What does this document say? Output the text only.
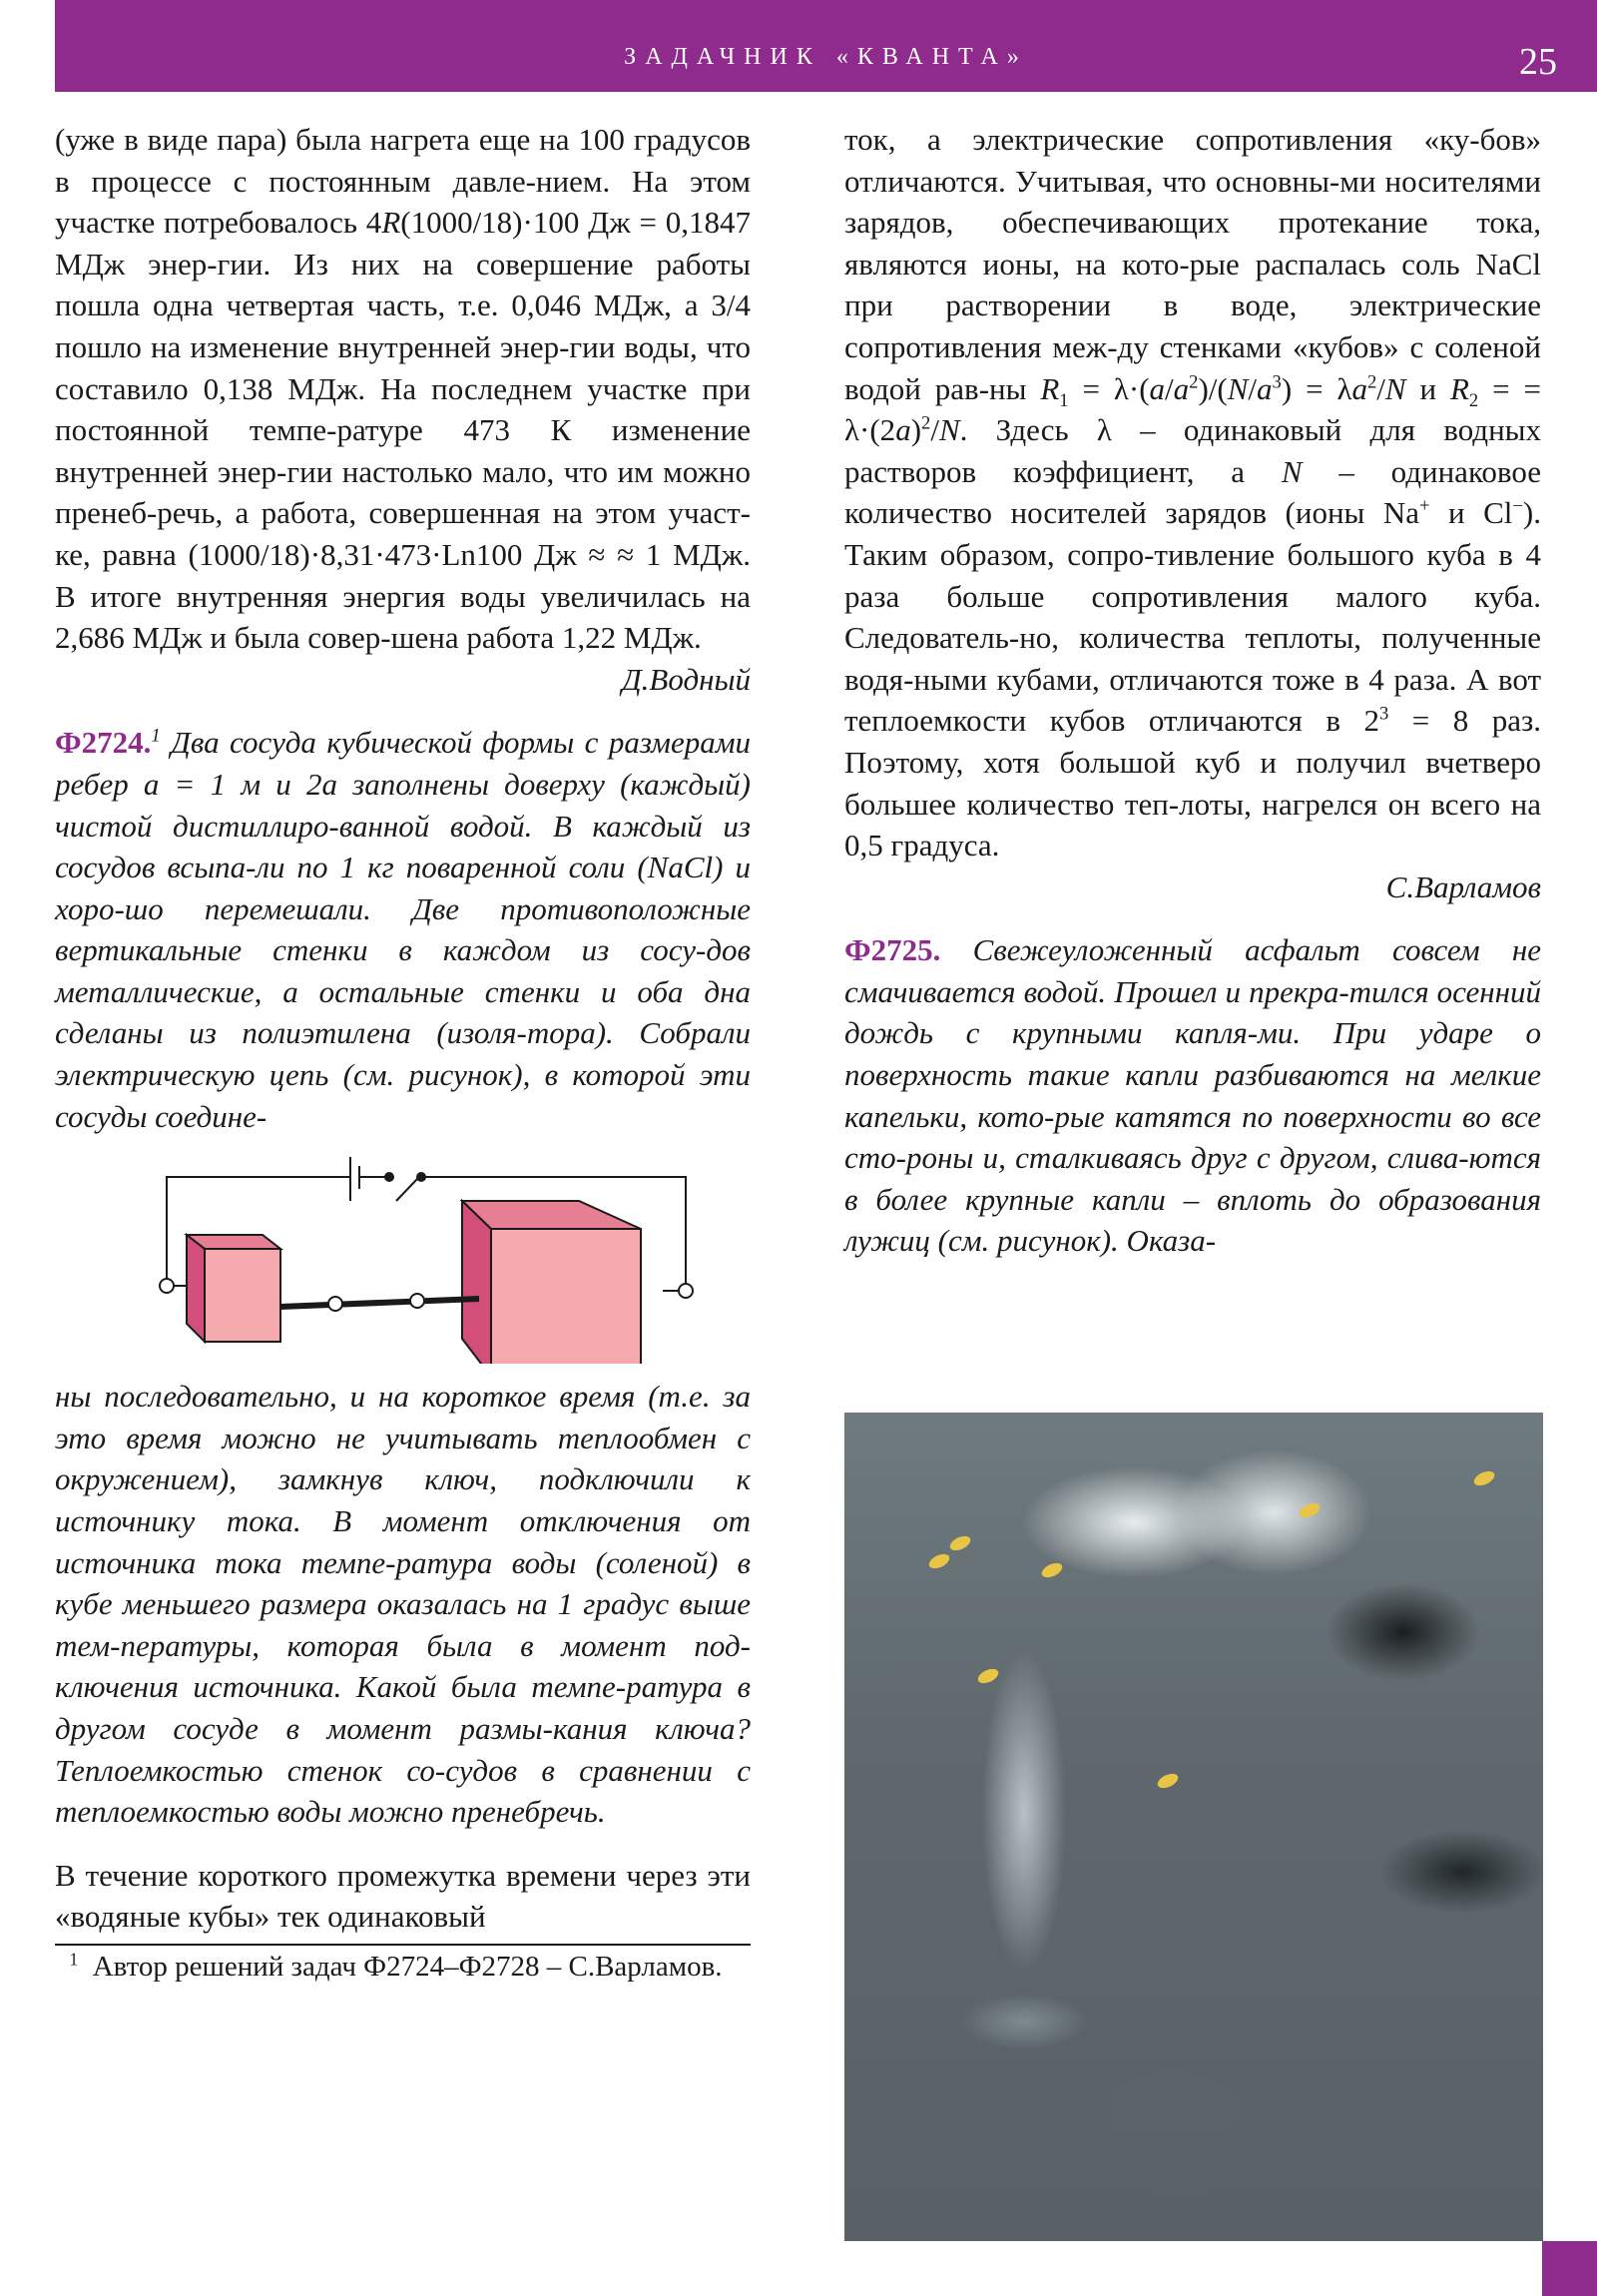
ЗАДАЧНИК «КВАНТА»	25

(уже в виде пара) была нагрета еще на 100 градусов в процессе с постоянным давле-нием. На этом участке потребовалось 4R(1000/18)·100 Дж = 0,1847 МДж энер-гии. Из них на совершение работы пошла одна четвертая часть, т.е. 0,046 МДж, а 3/4 пошло на изменение внутренней энер-гии воды, что составило 0,138 МДж. На последнем участке при постоянной темпе-ратуре 473 К изменение внутренней энер-гии настолько мало, что им можно пренеб-речь, а работа, совершенная на этом участ-ке, равна (1000/18)·8,31·473·Ln100 Дж ≈ ≈ 1 МДж. В итоге внутренняя энергия воды увеличилась на 2,686 МДж и была совер-шена работа 1,22 МДж.

Д.Водный

Ф2724.$^1$ Два сосуда кубической формы с размерами ребер a = 1 м и 2a заполнены доверху (каждый) чистой дистиллиро-ванной водой. В каждый из сосудов всыпа-ли по 1 кг поваренной соли (NaCl) и хоро-шо перемешали. Две противоположные вертикальные стенки в каждом из сосу-дов металлические, а остальные стенки и оба дна сделаны из полиэтилена (изоля-тора). Собрали электрическую цепь (см. рисунок), в которой эти сосуды соедине-

ны последовательно, и на короткое время (т.е. за это время можно не учитывать теплообмен с окружением), замкнув ключ, подключили к источнику тока. В момент отключения от источника тока темпе-ратура воды (соленой) в кубе меньшего размера оказалась на 1 градус выше тем-пературы, которая была в момент под-ключения источника. Какой была темпе-ратура в другом сосуде в момент размы-кания ключа? Теплоемкостью стенок со-судов в сравнении с теплоемкостью воды можно пренебречь.

В течение короткого промежутка времени через эти «водяные кубы» тек одинаковый

$^1$ Автор решений задач Ф2724–Ф2728 – С.Варламов.

ток, а электрические сопротивления «ку-бов» отличаются. Учитывая, что основны-ми носителями зарядов, обеспечивающих протекание тока, являются ионы, на кото-рые распалась соль NaCl при растворении в воде, электрические сопротивления меж-ду стенками «кубов» с соленой водой рав-ны $R_1 = \lambda\cdot(a/a^2)/(N/a^3) = \lambda a^2/N$ и $R_2$ = = $\lambda\cdot(2a)^2/N$. Здесь λ – одинаковый для водных растворов коэффициент, а N – одинаковое количество носителей зарядов (ионы Na+ и Cl−). Таким образом, сопро-тивление большого куба в 4 раза больше сопротивления малого куба. Следователь-но, количества теплоты, полученные водя-ными кубами, отличаются тоже в 4 раза. А вот теплоемкости кубов отличаются в $2^3 = 8$ раз. Поэтому, хотя большой куб и получил вчетверо большее количество теп-лоты, нагрелся он всего на 0,5 градуса.

С.Варламов

Ф2725. Свежеуложенный асфальт совсем не смачивается водой. Прошел и прекра-тился осенний дождь с крупными капля-ми. При ударе о поверхность такие капли разбиваются на мелкие капельки, кото-рые катятся по поверхности во все сто-роны и, сталкиваясь друг с другом, слива-ются в более крупные капли – вплоть до образования лужиц (см. рисунок). Оказа-
